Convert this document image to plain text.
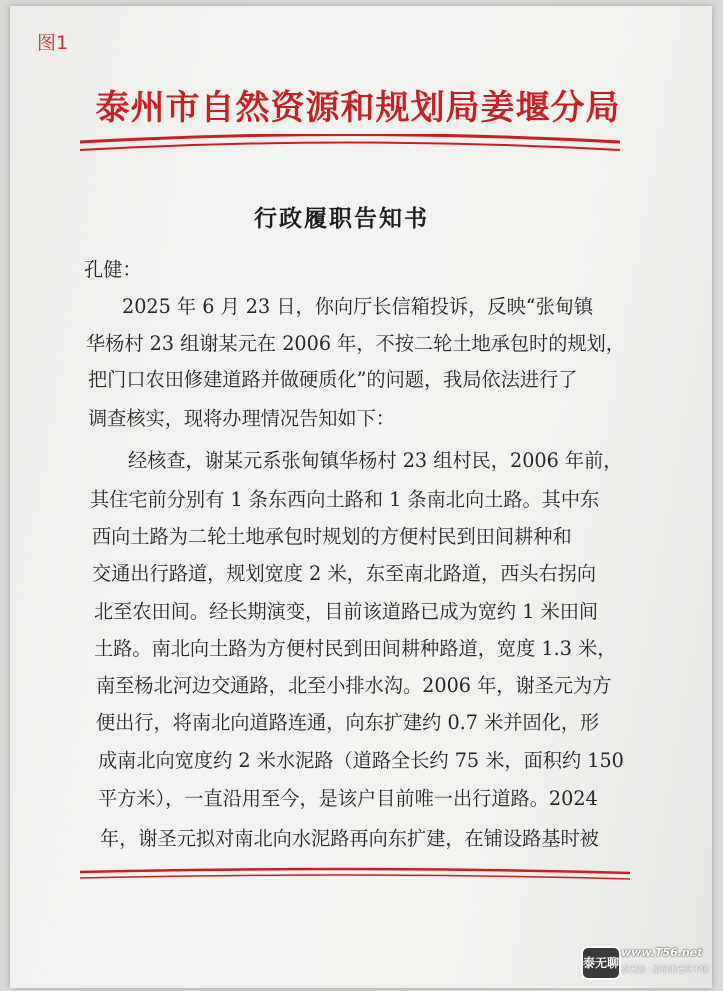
图1
泰州市自然资源和规划局姜堰分局
行政履职告知书
孔健：
2025 年 6 月 23 日，你向厅长信箱投诉，反映“张甸镇
华杨村 23 组谢某元在 2006 年，不按二轮土地承包时的规划，
把门口农田修建道路并做硬质化”的问题，我局依法进行了
调查核实，现将办理情况告知如下：
经核查，谢某元系张甸镇华杨村 23 组村民，2006 年前，
其住宅前分别有 1 条东西向土路和 1 条南北向土路。其中东
西向土路为二轮土地承包时规划的方便村民到田间耕种和
交通出行路道，规划宽度 2 米，东至南北路道，西头右拐向
北至农田间。经长期演变，目前该道路已成为宽约 1 米田间
土路。南北向土路为方便村民到田间耕种路道，宽度 1.3 米，
南至杨北河边交通路，北至小排水沟。2006 年，谢圣元为方
便出行，将南北向道路连通，向东扩建约 0.7 米并固化，形
成南北向宽度约 2 米水泥路（道路全长约 75 米，面积约 150
平方米），一直沿用至今，是该户目前唯一出行道路。2024
年，谢圣元拟对南北向水泥路再向东扩建，在铺设路基时被
泰无聊
www.T56.net
泰无聊 · 泰州事无所不聊
